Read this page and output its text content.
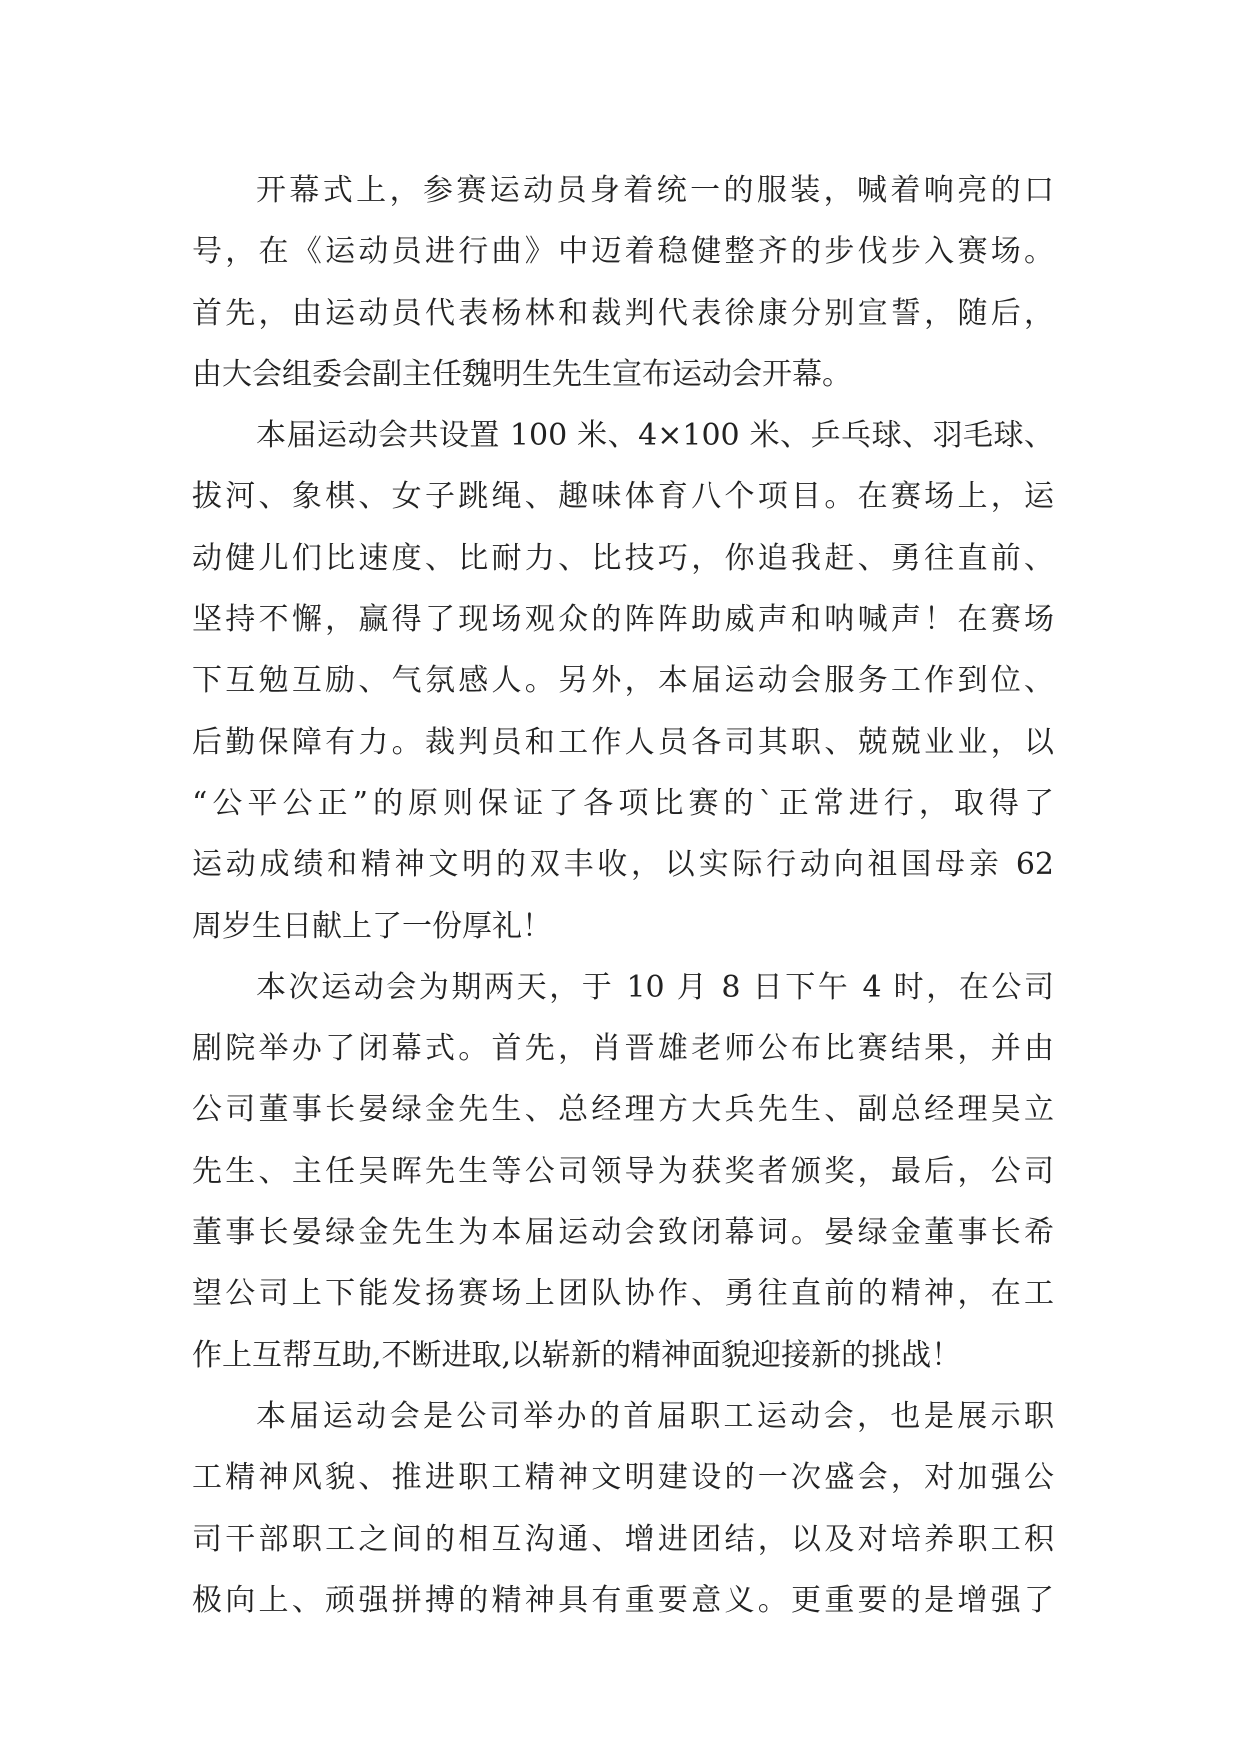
开幕式上，参赛运动员身着统一的服装，喊着响亮的口
号，在《运动员进行曲》中迈着稳健整齐的步伐步入赛场。
首先，由运动员代表杨林和裁判代表徐康分别宣誓，随后，
由大会组委会副主任魏明生先生宣布运动会开幕。
本届运动会共设置 100 米、4×100 米、乒乓球、羽毛球、
拔河、象棋、女子跳绳、趣味体育八个项目。在赛场上，运
动健儿们比速度、比耐力、比技巧，你追我赶、勇往直前、
坚持不懈，赢得了现场观众的阵阵助威声和呐喊声！在赛场
下互勉互励、气氛感人。另外，本届运动会服务工作到位、
后勤保障有力。裁判员和工作人员各司其职、兢兢业业，以
“公平公正”的原则保证了各项比赛的`正常进行，取得了
运动成绩和精神文明的双丰收，以实际行动向祖国母亲 62
周岁生日献上了一份厚礼！
本次运动会为期两天，于 10 月 8 日下午 4 时，在公司
剧院举办了闭幕式。首先，肖晋雄老师公布比赛结果，并由
公司董事长晏绿金先生、总经理方大兵先生、副总经理吴立
先生、主任吴晖先生等公司领导为获奖者颁奖，最后，公司
董事长晏绿金先生为本届运动会致闭幕词。晏绿金董事长希
望公司上下能发扬赛场上团队协作、勇往直前的精神，在工
作上互帮互助,不断进取,以崭新的精神面貌迎接新的挑战！
本届运动会是公司举办的首届职工运动会，也是展示职
工精神风貌、推进职工精神文明建设的一次盛会，对加强公
司干部职工之间的相互沟通、增进团结，以及对培养职工积
极向上、顽强拼搏的精神具有重要意义。更重要的是增强了
